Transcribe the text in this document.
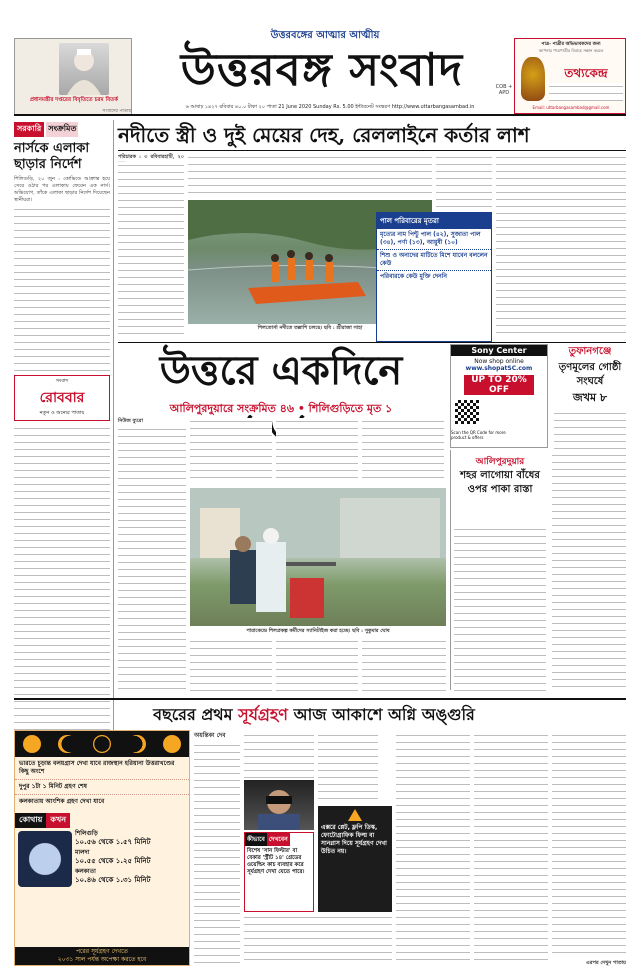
প্রধানমন্ত্রীর দপ্তরের বিবৃতিতে চরম বিতর্ক
সংবাদের পাতায়
উত্তরবঙ্গের আত্মার আত্মীয়
উত্তরবঙ্গ সংবাদ	COB + APD
৬ আষাঢ় ১৪২৭ রবিবার ৪০.০ টাকা ২০ পাতা 21 June 2020 Sunday Rs. 5.00 ইন্টারনেট সংস্করণ http://www.uttarbangasambad.in
পাত্র- পাত্রীর অভিভাবকদের জন্য
আপনার পাত্রপাত্রীর বিবাহে সন্ধান করতে
তথ্যকেন্দ্র
Email: uttarbangasambad@gmail.com
সরকারি সংক্রমিত
নার্সকে এলাকা ছাড়ার নির্দেশ
শিলিগুড়ি, ২০ জুন : কোভিডে আক্রান্ত হয়ে সেরে ওঠার পর এলাকায় ফেরেন এক নার্স। অভিযোগ, তাঁকে এলাকা ছাড়ার নির্দেশ দিয়েছেন স্থানীয়রা।
সংবাদ
রোববার
নতুন ও অন্যের পাতায়
নদীতে স্ত্রী ও দুই মেয়ের দেহ, রেললাইনে কর্তার লাশ
পরিচারক : ৩ রবিবারহাটি, ২০
শিলতোর্সা নদীতে তল্লাশি চলছে। ছবি : শ্রীরাজা সাহা
পাল পরিবারের মৃতরা
মৃত্যের নাম পিন্টু পাল (৪২), সুজাতা পাল (৩৪), পর্ণা (১৩), আয়ুষী (১০)
শিশু ও অন্যদের মাটিতে মিশে যাবেন বললেন কেউ
পরিবারকে কেউ মুক্তি দেননি
উত্তরে একদিনে
আলিপুরদুয়ারে সংক্রমিত ৪৬ • শিলিগুড়িতে মৃত ১
Sony Center
Now shop online
www.shopatSC.com
UP TO 20% OFF
Scan the QR Code for more product & offers
তুফানগঞ্জে
তৃণমূলের গোষ্ঠী সংঘর্ষে
জখম ৮
নিউজ ব্যুরো
পারাকেন্দ্রে শিলপ্রকল্প কর্মীদের স্যানিটাইজ করা হচ্ছে। ছবি : সুকুমার ঘোষ
আলিপুরদুয়ার
শহর লাগোয়া বাঁধের ওপর পাকা রাস্তা
বছরের প্রথম সূর্যগ্রহণ আজ আকাশে অগ্নি অঙ্গুরি
ভারতে চূড়ান্ত বলয়গ্রাস দেখা যাবে রাজস্থান হরিয়ানা উত্তরাখণ্ডের কিছু অংশে
দুপুর ১টা ১ মিনিট গ্রহণ শেষ
কলকাতায় আংশিক গ্রহণ দেখা যাবে
কোথায়	কখন
শিলিগুড়ি
১০.৫৬ থেকে ১.৫৭ মিনিট
মালদা
১০.৫৫ থেকে ১.২৫ মিনিট
কলকাতা
১০.৪৬ থেকে ১.৩১ মিনিট
পরের সূর্যগ্রহণ দেখতে
২০৩১ সাল পর্যন্ত অপেক্ষা করতে হবে
অয়ন্তিকা দেব
কীভাবে দেখবেন
বিশেষ 'সান ফিল্টার' বা বেকার 'স্ট্রীট ১৪' গ্রেডের ওয়েল্ডিং কাচ ব্যবহার করে সূর্যগ্রহণ দেখা যেতে পারে।
এক্সরে প্লেট, ফ্লপি ডিস্ক, ফোটোগ্রাফিক ফিল্ম বা সানগ্লাস দিয়ে সূর্যগ্রহণ দেখা উচিত নয়।
এরপর দেখুন পাতায়
